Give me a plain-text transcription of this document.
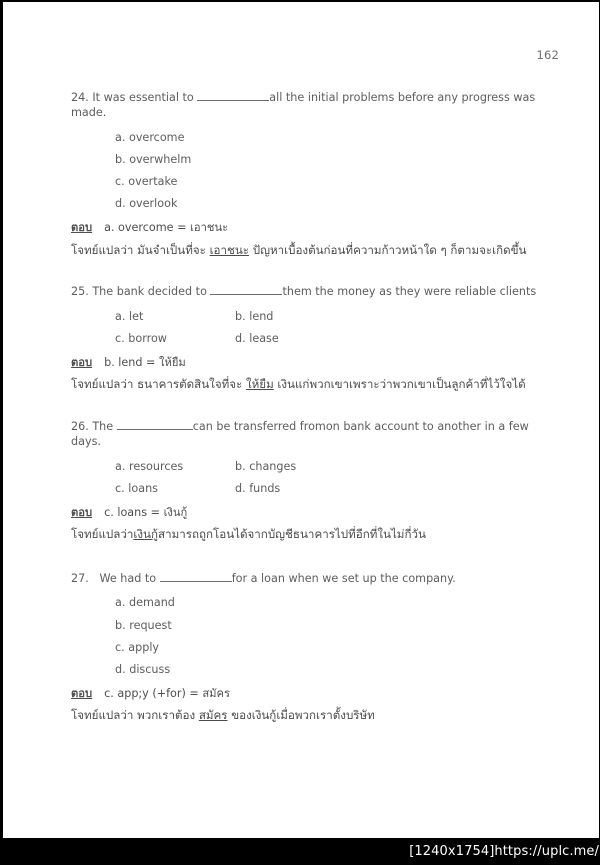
162
24. It was essential to	all the initial problems before any progress was made.
a. overcome
b. overwhelm
c. overtake
d. overlook
ตอบ a. overcome = เอาชนะ
โจทย์แปลว่า มันจำเป็นที่จะ เอาชนะ ปัญหาเบื้องต้นก่อนที่ความก้าวหน้าใด ๆ ก็ตามจะเกิดขึ้น
25. The bank decided to	them the money as they were reliable clients
a. let	b. lend
c. borrow	d. lease
ตอบ b. lend = ให้ยืม
โจทย์แปลว่า ธนาคารตัดสินใจที่จะ ให้ยืม เงินแก่พวกเขาเพราะว่าพวกเขาเป็นลูกค้าที่ไว้ใจได้
26. The	can be transferred fromon bank account to another in a few days.
a. resources	b. changes
c. loans	d. funds
ตอบ c. loans = เงินกู้
โจทย์แปลว่าเงินกู้สามารถถูกโอนได้จากบัญชีธนาคารไปที่อีกที่ในไม่กี่วัน
27.   We had to	for a loan when we set up the company.
a. demand
b. request
c. apply
d. discuss
ตอบ c. app;y (+for) = สมัคร
โจทย์แปลว่า พวกเราต้อง สมัคร ของเงินกู้เมื่อพวกเราตั้งบริษัท
[1240x1754]https://uplc.me/
